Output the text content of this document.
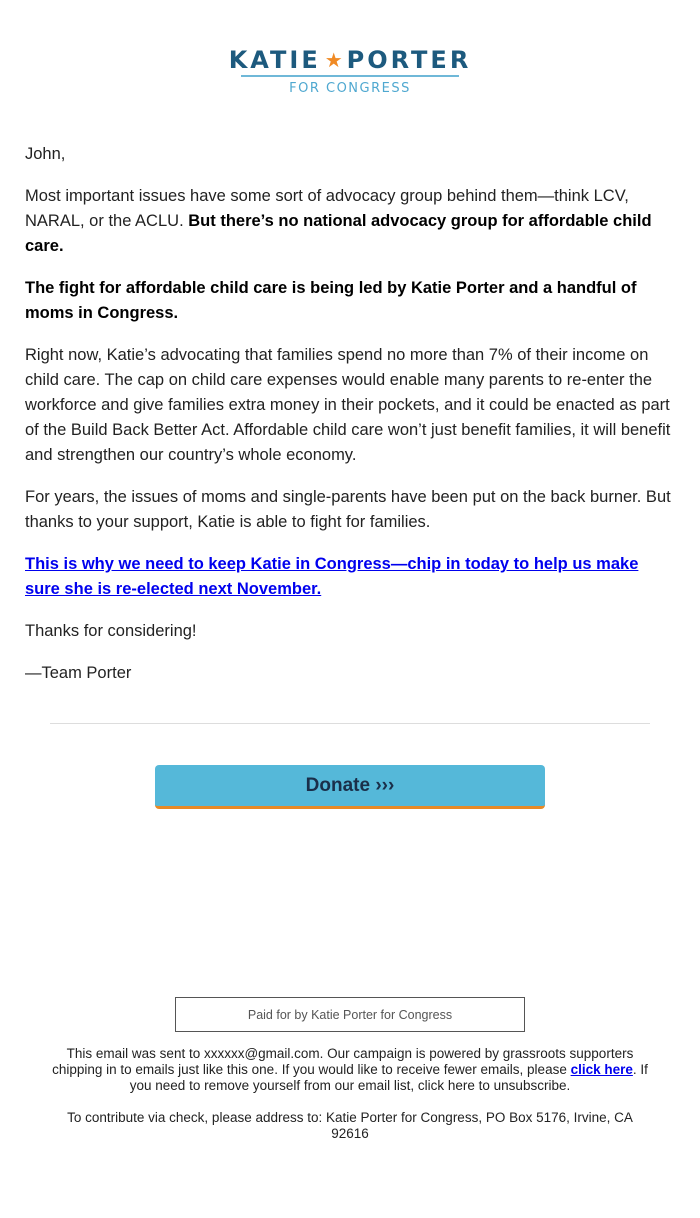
KATIE ★ PORTER
FOR CONGRESS

John,

Most important issues have some sort of advocacy group behind them—think LCV, NARAL, or the ACLU. But there’s no national advocacy group for affordable child care.

The fight for affordable child care is being led by Katie Porter and a handful of moms in Congress.

Right now, Katie’s advocating that families spend no more than 7% of their income on child care. The cap on child care expenses would enable many parents to re-enter the workforce and give families extra money in their pockets, and it could be enacted as part of the Build Back Better Act. Affordable child care won’t just benefit families, it will benefit and strengthen our country’s whole economy.

For years, the issues of moms and single-parents have been put on the back burner. But thanks to your support, Katie is able to fight for families.

This is why we need to keep Katie in Congress—chip in today to help us make sure she is re-elected next November.

Thanks for considering!

—Team Porter

Donate ›››
Paid for by Katie Porter for Congress

This email was sent to xxxxxx@gmail.com. Our campaign is powered by grassroots supporters chipping in to emails just like this one. If you would like to receive fewer emails, please click here. If you need to remove yourself from our email list, click here to unsubscribe.

To contribute via check, please address to: Katie Porter for Congress, PO Box 5176, Irvine, CA 92616
